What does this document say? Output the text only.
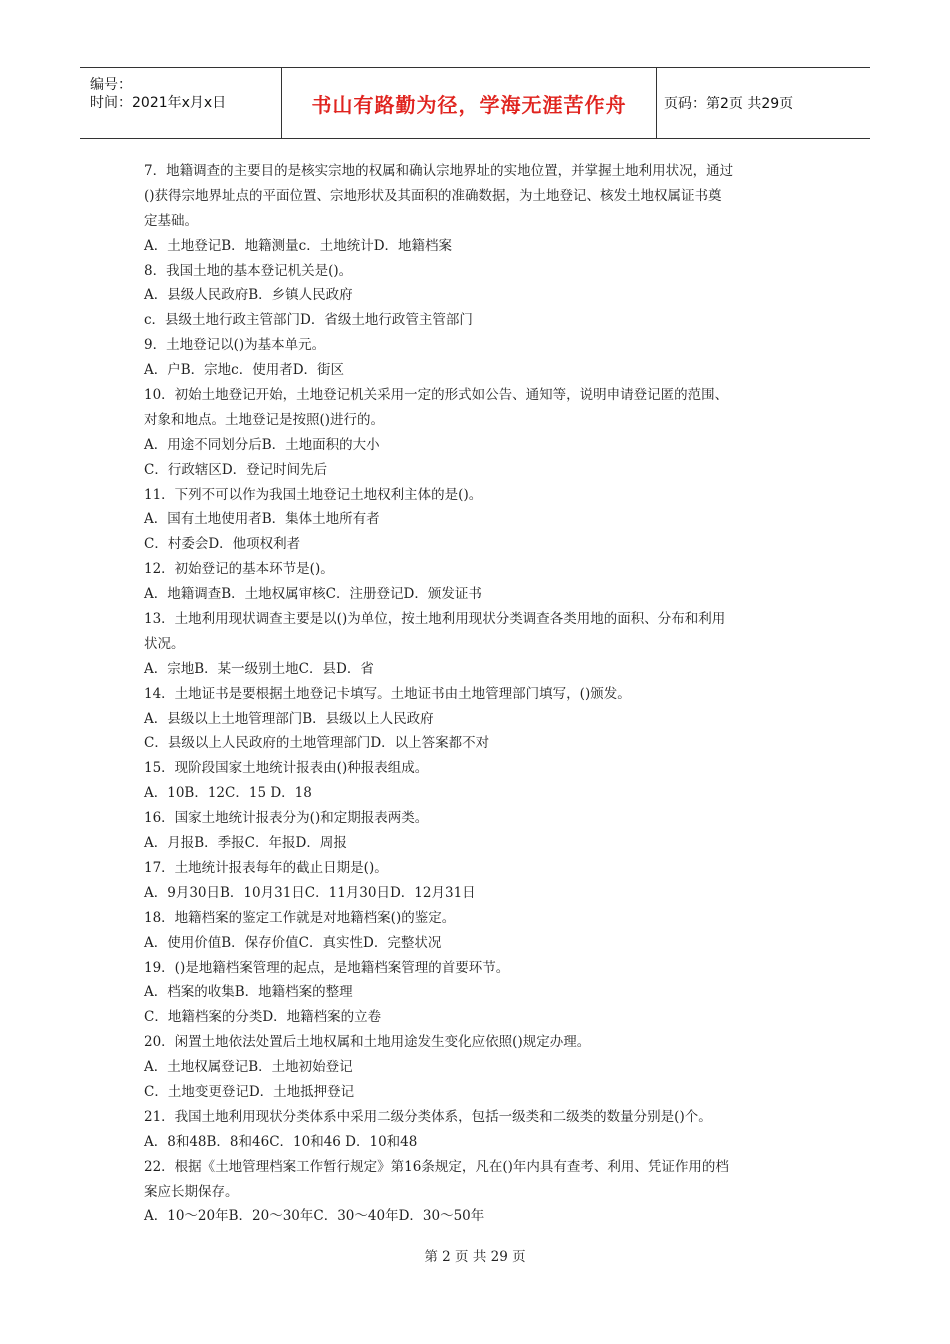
编号：
时间：2021年x月x日	书山有路勤为径，学海无涯苦作舟	页码：第2页 共29页
7．地籍调查的主要目的是核实宗地的权属和确认宗地界址的实地位置，并掌握土地利用状况，通过
()获得宗地界址点的平面位置、宗地形状及其面积的准确数据，为土地登记、核发土地权属证书奠
定基础。
A．土地登记B．地籍测量c．土地统计D．地籍档案
8．我国土地的基本登记机关是()。
A．县级人民政府B．乡镇人民政府
c．县级土地行政主管部门D．省级土地行政管主管部门
9．土地登记以()为基本单元。
A．户B．宗地c．使用者D．街区
10．初始土地登记开始，土地登记机关采用一定的形式如公告、通知等，说明申请登记匿的范围、
对象和地点。土地登记是按照()进行的。
A．用途不同划分后B．土地面积的大小
C．行政辖区D．登记时间先后
11．下列不可以作为我国土地登记土地权利主体的是()。
A．国有土地使用者B．集体土地所有者
C．村委会D．他项权利者
12．初始登记的基本环节是()。
A．地籍调查B．土地权属审核C．注册登记D．颁发证书
13．土地利用现状调查主要是以()为单位，按土地利用现状分类调查各类用地的面积、分布和利用
状况。
A．宗地B．某一级别土地C．县D．省
14．土地证书是要根据土地登记卡填写。土地证书由土地管理部门填写，()颁发。
A．县级以上土地管理部门B．县级以上人民政府
C．县级以上人民政府的土地管理部门D．以上答案都不对
15．现阶段国家土地统计报表由()种报表组成。
A．10B．12C．15 D．18
16．国家土地统计报表分为()和定期报表两类。
A．月报B．季报C．年报D．周报
17．土地统计报表每年的截止日期是()。
A．9月30日B．10月31日C．11月30日D．12月31日
18．地籍档案的鉴定工作就是对地籍档案()的鉴定。
A．使用价值B．保存价值C．真实性D．完整状况
19．()是地籍档案管理的起点，是地籍档案管理的首要环节。
A．档案的收集B．地籍档案的整理
C．地籍档案的分类D．地籍档案的立卷
20．闲置土地依法处置后土地权属和土地用途发生变化应依照()规定办理。
A．土地权属登记B．土地初始登记
C．土地变更登记D．土地抵押登记
21．我国土地利用现状分类体系中采用二级分类体系，包括一级类和二级类的数量分别是()个。
A．8和48B．8和46C．10和46 D．10和48
22．根据《土地管理档案工作暂行规定》第16条规定，凡在()年内具有查考、利用、凭证作用的档
案应长期保存。
A．10～20年B．20～30年C．30～40年D．30～50年
第 2 页 共 29 页
